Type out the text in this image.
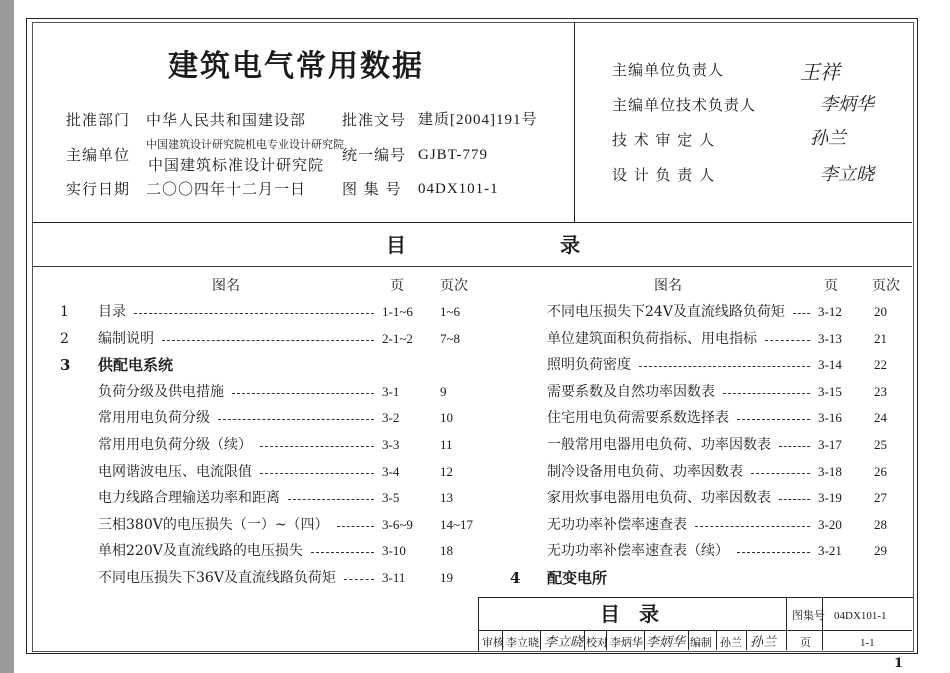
建筑电气常用数据
批准部门 中华人民共和国建设部 批准文号 建质[2004]191号
主编单位
中国建筑设计研究院机电专业设计研究院
中国建筑标准设计研究院
统一编号 GJBT-779
实行日期 二〇〇四年十二月一日 图 集 号 04DX101-1
主编单位负责人	王祥
主编单位技术负责人	李炳华
技 术 审 定 人	孙兰
设 计 负 责 人	李立晓
目	录
图名	页	页次	图名	页 页次
1 目录	1-1~6 1~6
2 编制说明	2-1~2 7~8
3 供配电系统
负荷分级及供电措施	3-1	9
常用用电负荷分级	3-2	10
常用用电负荷分级（续）	3-3	11
电网谐波电压、电流限值	3-4	12
电力线路合理输送功率和距离	3-5	13
三相380V的电压损失（一）~（四）	3-6~9 14~17
单相220V及直流线路的电压损失	3-10	18
不同电压损失下36V及直流线路负荷矩	3-11	19
不同电压损失下24V及直流线路负荷矩	3-12 20
单位建筑面积负荷指标、用电指标	3-13 21
照明负荷密度	3-14 22
需要系数及自然功率因数表	3-15 23
住宅用电负荷需要系数选择表	3-16 24
一般常用电器用电负荷、功率因数表	3-17 25
制冷设备用电负荷、功率因数表	3-18 26
家用炊事电器用电负荷、功率因数表	3-19 27
无功功率补偿率速查表	3-20 28
无功功率补偿率速查表（续）	3-21 29
4 配变电所
目 录	图集号 04DX101-1
页	1-1
审核 李立晓 李立晓 校对 李炳华 李炳华 编制 孙兰 孙兰
1
